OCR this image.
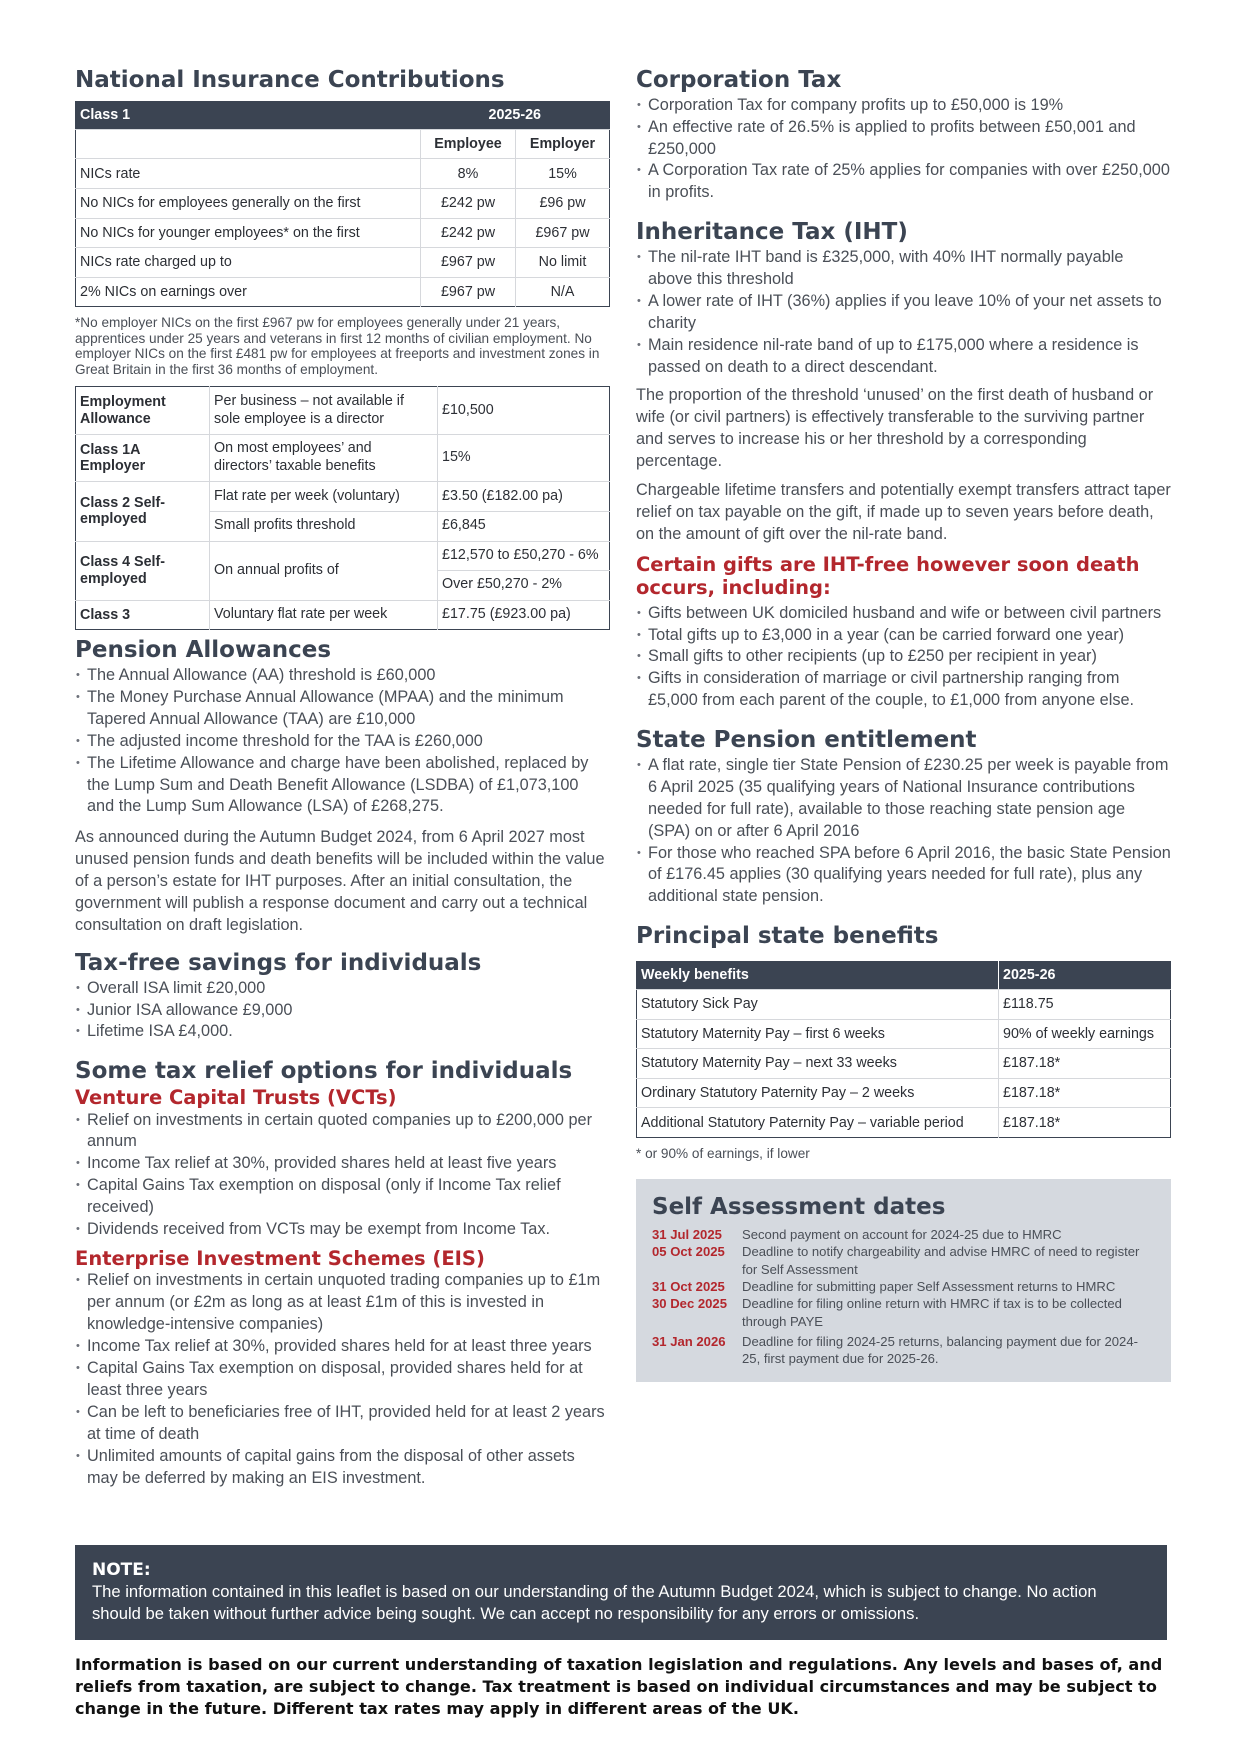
National Insurance Contributions
Class 1	2025-26	
	Employee	Employer
NICs rate	8%	15%
No NICs for employees generally on the first	£242 pw	£96 pw
No NICs for younger employees* on the first	£242 pw	£967 pw
NICs rate charged up to	£967 pw	No limit
2% NICs on earnings over	£967 pw	N/A

*No employer NICs on the first £967 pw for employees generally under 21 years, apprentices under 25 years and veterans in first 12 months of civilian employment. No employer NICs on the first £481 pw for employees at freeports and investment zones in Great Britain in the first 36 months of employment.

Employment Allowance	Per business – not available if sole employee is a director	£10,500
Class 1A Employer	On most employees’ and directors’ taxable benefits	15%
Class 2 Self-employed	Flat rate per week (voluntary)	£3.50 (£182.00 pa)
	Small profits threshold	£6,845
Class 4 Self-employed	On annual profits of	£12,570 to £50,270 - 6%
		Over £50,270 - 2%
Class 3	Voluntary flat rate per week	£17.75 (£923.00 pa)
Pension Allowances
• The Annual Allowance (AA) threshold is £60,000
• The Money Purchase Annual Allowance (MPAA) and the minimum Tapered Annual Allowance (TAA) are £10,000
• The adjusted income threshold for the TAA is £260,000
• The Lifetime Allowance and charge have been abolished, replaced by the Lump Sum and Death Benefit Allowance (LSDBA) of £1,073,100 and the Lump Sum Allowance (LSA) of £268,275.

As announced during the Autumn Budget 2024, from 6 April 2027 most unused pension funds and death benefits will be included within the value of a person’s estate for IHT purposes. After an initial consultation, the government will publish a response document and carry out a technical consultation on draft legislation.

Tax-free savings for individuals
• Overall ISA limit £20,000
• Junior ISA allowance £9,000
• Lifetime ISA £4,000.
Some tax relief options for individuals
Venture Capital Trusts (VCTs)
• Relief on investments in certain quoted companies up to £200,000 per annum
• Income Tax relief at 30%, provided shares held at least five years
• Capital Gains Tax exemption on disposal (only if Income Tax relief received)
• Dividends received from VCTs may be exempt from Income Tax.
Enterprise Investment Schemes (EIS)
• Relief on investments in certain unquoted trading companies up to £1m per annum (or £2m as long as at least £1m of this is invested in knowledge-intensive companies)
• Income Tax relief at 30%, provided shares held for at least three years
• Capital Gains Tax exemption on disposal, provided shares held for at least three years
• Can be left to beneficiaries free of IHT, provided held for at least 2 years at time of death
• Unlimited amounts of capital gains from the disposal of other assets may be deferred by making an EIS investment.
Corporation Tax
• Corporation Tax for company profits up to £50,000 is 19%
• An effective rate of 26.5% is applied to profits between £50,001 and £250,000
• A Corporation Tax rate of 25% applies for companies with over £250,000 in profits.
Inheritance Tax (IHT)
• The nil-rate IHT band is £325,000, with 40% IHT normally payable above this threshold
• A lower rate of IHT (36%) applies if you leave 10% of your net assets to charity
• Main residence nil-rate band of up to £175,000 where a residence is passed on death to a direct descendant.

The proportion of the threshold ‘unused’ on the first death of husband or wife (or civil partners) is effectively transferable to the surviving partner and serves to increase his or her threshold by a corresponding percentage.

Chargeable lifetime transfers and potentially exempt transfers attract taper relief on tax payable on the gift, if made up to seven years before death, on the amount of gift over the nil-rate band.

Certain gifts are IHT-free however soon death occurs, including:
• Gifts between UK domiciled husband and wife or between civil partners
• Total gifts up to £3,000 in a year (can be carried forward one year)
• Small gifts to other recipients (up to £250 per recipient in year)
• Gifts in consideration of marriage or civil partnership ranging from £5,000 from each parent of the couple, to £1,000 from anyone else.
State Pension entitlement
• A flat rate, single tier State Pension of £230.25 per week is payable from 6 April 2025 (35 qualifying years of National Insurance contributions needed for full rate), available to those reaching state pension age (SPA) on or after 6 April 2016
• For those who reached SPA before 6 April 2016, the basic State Pension of £176.45 applies (30 qualifying years needed for full rate), plus any additional state pension.
Principal state benefits
Weekly benefits	2025-26
Statutory Sick Pay	£118.75
Statutory Maternity Pay – first 6 weeks	90% of weekly earnings
Statutory Maternity Pay – next 33 weeks	£187.18*
Ordinary Statutory Paternity Pay – 2 weeks	£187.18*
Additional Statutory Paternity Pay – variable period	£187.18*

* or 90% of earnings, if lower

Self Assessment dates
31 Jul 2025	Second payment on account for 2024-25 due to HMRC
05 Oct 2025	Deadline to notify chargeability and advise HMRC of need to register for Self Assessment
31 Oct 2025	Deadline for submitting paper Self Assessment returns to HMRC
30 Dec 2025	Deadline for filing online return with HMRC if tax is to be collected through PAYE
31 Jan 2026	Deadline for filing 2024-25 returns, balancing payment due for 2024-25, first payment due for 2025-26.
NOTE:
The information contained in this leaflet is based on our understanding of the Autumn Budget 2024, which is subject to change. No action should be taken without further advice being sought. We can accept no responsibility for any errors or omissions.
Information is based on our current understanding of taxation legislation and regulations. Any levels and bases of, and reliefs from taxation, are subject to change. Tax treatment is based on individual circumstances and may be subject to change in the future. Different tax rates may apply in different areas of the UK.
